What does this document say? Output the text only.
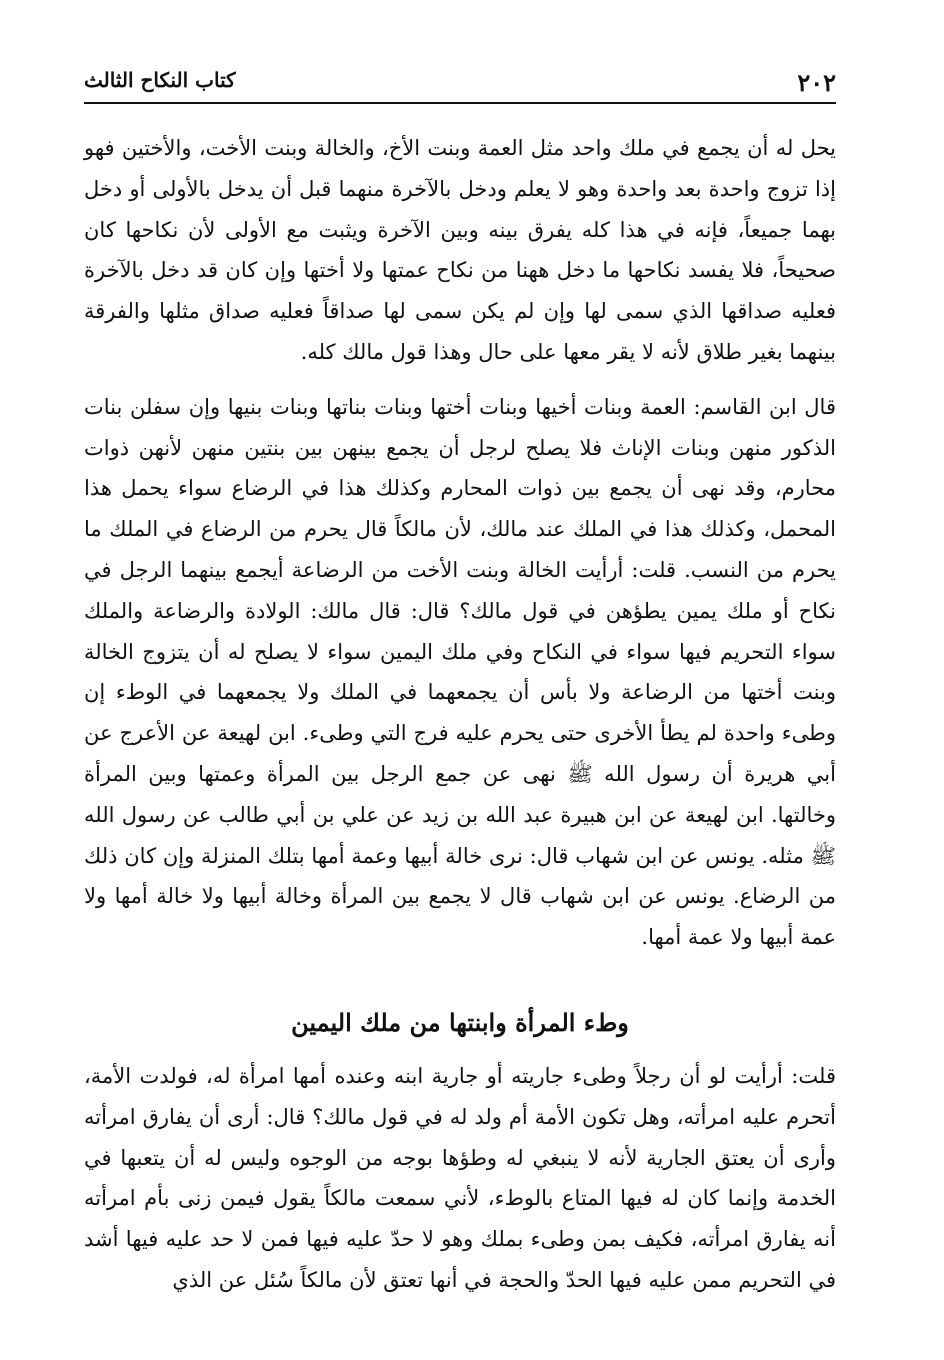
٢٠٢
كتاب النكاح الثالث

يحل له أن يجمع في ملك واحد مثل العمة وبنت الأخ، والخالة وبنت الأخت، والأختين فهو إذا تزوج واحدة بعد واحدة وهو لا يعلم ودخل بالآخرة منهما قبل أن يدخل بالأولى أو دخل بهما جميعاً، فإنه في هذا كله يفرق بينه وبين الآخرة ويثبت مع الأولى لأن نكاحها كان صحيحاً، فلا يفسد نكاحها ما دخل ههنا من نكاح عمتها ولا أختها وإن كان قد دخل بالآخرة فعليه صداقها الذي سمى لها وإن لم يكن سمى لها صداقاً فعليه صداق مثلها والفرقة بينهما بغير طلاق لأنه لا يقر معها على حال وهذا قول مالك كله.

قال ابن القاسم: العمة وبنات أخيها وبنات أختها وبنات بناتها وبنات بنيها وإن سفلن بنات الذكور منهن وبنات الإناث فلا يصلح لرجل أن يجمع بينهن بين بنتين منهن لأنهن ذوات محارم، وقد نهى أن يجمع بين ذوات المحارم وكذلك هذا في الرضاع سواء يحمل هذا المحمل، وكذلك هذا في الملك عند مالك، لأن مالكاً قال يحرم من الرضاع في الملك ما يحرم من النسب. قلت: أرأيت الخالة وبنت الأخت من الرضاعة أيجمع بينهما الرجل في نكاح أو ملك يمين يطؤهن في قول مالك؟ قال: قال مالك: الولادة والرضاعة والملك سواء التحريم فيها سواء في النكاح وفي ملك اليمين سواء لا يصلح له أن يتزوج الخالة وبنت أختها من الرضاعة ولا بأس أن يجمعهما في الملك ولا يجمعهما في الوطء إن وطىء واحدة لم يطأ الأخرى حتى يحرم عليه فرج التي وطىء. ابن لهيعة عن الأعرج عن أبي هريرة أن رسول الله ﷺ نهى عن جمع الرجل بين المرأة وعمتها وبين المرأة وخالتها. ابن لهيعة عن ابن هبيرة عبد الله بن زيد عن علي بن أبي طالب عن رسول الله ﷺ مثله. يونس عن ابن شهاب قال: نرى خالة أبيها وعمة أمها بتلك المنزلة وإن كان ذلك من الرضاع. يونس عن ابن شهاب قال لا يجمع بين المرأة وخالة أبيها ولا خالة أمها ولا عمة أبيها ولا عمة أمها.

وطء المرأة وابنتها من ملك اليمين

قلت: أرأيت لو أن رجلاً وطىء جاريته أو جارية ابنه وعنده أمها امرأة له، فولدت الأمة، أتحرم عليه امرأته، وهل تكون الأمة أم ولد له في قول مالك؟ قال: أرى أن يفارق امرأته وأرى أن يعتق الجارية لأنه لا ينبغي له وطؤها بوجه من الوجوه وليس له أن يتعبها في الخدمة وإنما كان له فيها المتاع بالوطء، لأني سمعت مالكاً يقول فيمن زنى بأم امرأته أنه يفارق امرأته، فكيف بمن وطىء بملك وهو لا حدّ عليه فيها فمن لا حد عليه فيها أشد في التحريم ممن عليه فيها الحدّ والحجة في أنها تعتق لأن مالكاً سُئل عن الذي
